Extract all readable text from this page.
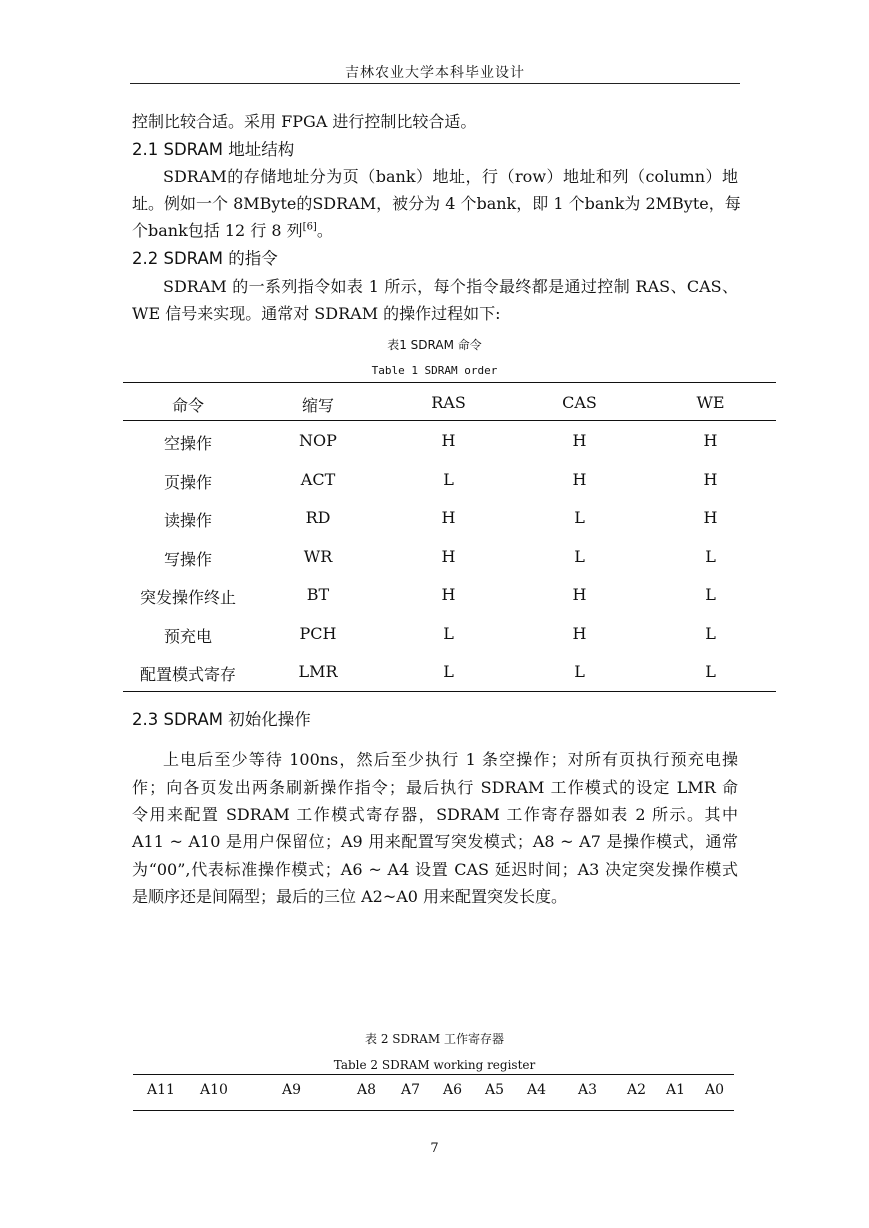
吉林农业大学本科毕业设计
控制比较合适。采用 FPGA 进行控制比较合适。
2.1 SDRAM 地址结构
SDRAM的存储地址分为页（bank）地址，行（row）地址和列（column）地
址。例如一个 8MByte的SDRAM，被分为 4 个bank，即 1 个bank为 2MByte，每
个bank包括 12 行 8 列[6]。
2.2 SDRAM 的指令
SDRAM 的一系列指令如表 1 所示，每个指令最终都是通过控制 RAS、CAS、
WE 信号来实现。通常对 SDRAM 的操作过程如下:
表1 SDRAM 命令
Table 1 SDRAM order
命令	缩写	RAS	CAS	WE
空操作	NOP	H	H	H
页操作	ACT	L	H	H
读操作	RD	H	L	H
写操作	WR	H	L	L
突发操作终止	BT	H	H	L
预充电	PCH	L	H	L
配置模式寄存	LMR	L	L	L
2.3 SDRAM 初始化操作
上电后至少等待 100ns，然后至少执行 1 条空操作；对所有页执行预充电操
作；向各页发出两条刷新操作指令；最后执行 SDRAM 工作模式的设定 LMR 命
令用来配置 SDRAM 工作模式寄存器，SDRAM 工作寄存器如表 2 所示。其中
A11 ~ A10 是用户保留位；A9 用来配置写突发模式；A8 ~ A7 是操作模式，通常
为“00”,代表标准操作模式；A6 ~ A4 设置 CAS 延迟时间；A3 决定突发操作模式
是顺序还是间隔型；最后的三位 A2~A0 用来配置突发长度。
表 2 SDRAM 工作寄存器
Table 2 SDRAM working register
A11 A10	A9	A8 A7 A6 A5 A4 A3 A2 A1 A0
7
